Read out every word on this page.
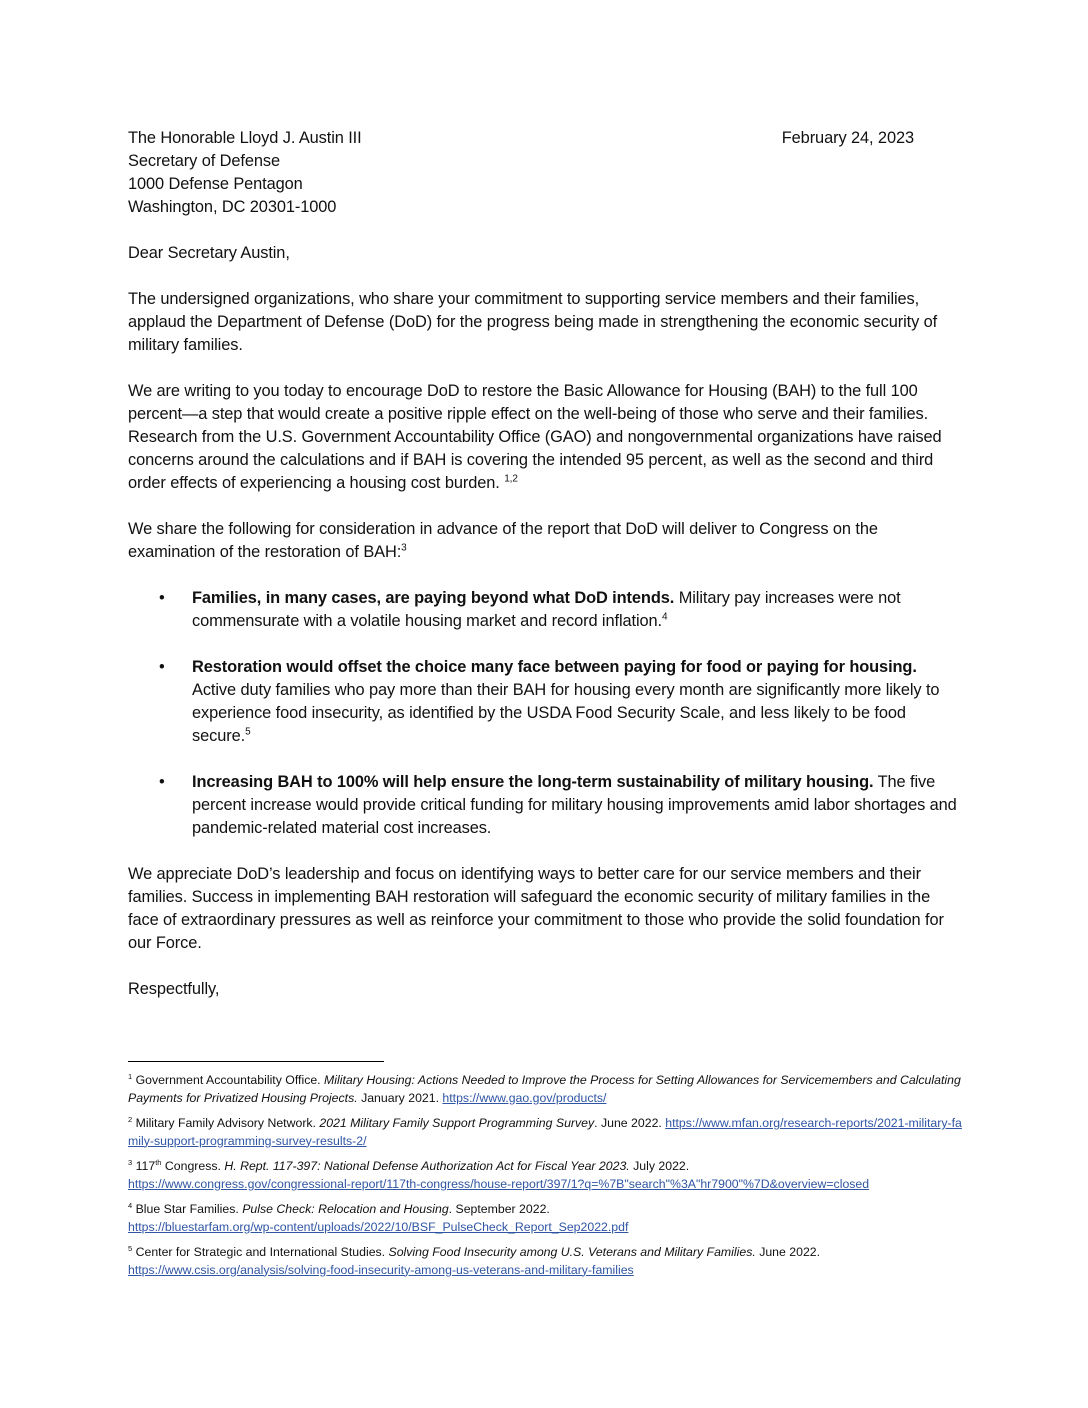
The Honorable Lloyd J. Austin III	February 24, 2023
Secretary of Defense
1000 Defense Pentagon
Washington, DC 20301-1000

Dear Secretary Austin,

The undersigned organizations, who share your commitment to supporting service members and their families, applaud the Department of Defense (DoD) for the progress being made in strengthening the economic security of military families.

We are writing to you today to encourage DoD to restore the Basic Allowance for Housing (BAH) to the full 100 percent—a step that would create a positive ripple effect on the well-being of those who serve and their families. Research from the U.S. Government Accountability Office (GAO) and nongovernmental organizations have raised concerns around the calculations and if BAH is covering the intended 95 percent, as well as the second and third order effects of experiencing a housing cost burden. $^{1,2}$

We share the following for consideration in advance of the report that DoD will deliver to Congress on the examination of the restoration of BAH:$^3$

• Families, in many cases, are paying beyond what DoD intends. Military pay increases were not commensurate with a volatile housing market and record inflation.$^4$
• Restoration would offset the choice many face between paying for food or paying for housing. Active duty families who pay more than their BAH for housing every month are significantly more likely to experience food insecurity, as identified by the USDA Food Security Scale, and less likely to be food secure.$^5$
• Increasing BAH to 100% will help ensure the long-term sustainability of military housing. The five percent increase would provide critical funding for military housing improvements amid labor shortages and pandemic-related material cost increases.

We appreciate DoD’s leadership and focus on identifying ways to better care for our service members and their families. Success in implementing BAH restoration will safeguard the economic security of military families in the face of extraordinary pressures as well as reinforce your commitment to those who provide the solid foundation for our Force.

Respectfully,

$^1$ Government Accountability Office. Military Housing: Actions Needed to Improve the Process for Setting Allowances for Servicemembers and Calculating Payments for Privatized Housing Projects. January 2021. https://www.gao.gov/products/
$^2$ Military Family Advisory Network. 2021 Military Family Support Programming Survey. June 2022. https://www.mfan.org/research-reports/2021-military-family-support-programming-survey-results-2/
$^3$ 117th Congress. H. Rept. 117-397: National Defense Authorization Act for Fiscal Year 2023. July 2022.
https://www.congress.gov/congressional-report/117th-congress/house-report/397/1?q=%7B"search"%3A"hr7900"%7D&overview=closed
$^4$ Blue Star Families. Pulse Check: Relocation and Housing. September 2022.
https://bluestarfam.org/wp-content/uploads/2022/10/BSF_PulseCheck_Report_Sep2022.pdf
$^5$ Center for Strategic and International Studies. Solving Food Insecurity among U.S. Veterans and Military Families. June 2022.
https://www.csis.org/analysis/solving-food-insecurity-among-us-veterans-and-military-families
